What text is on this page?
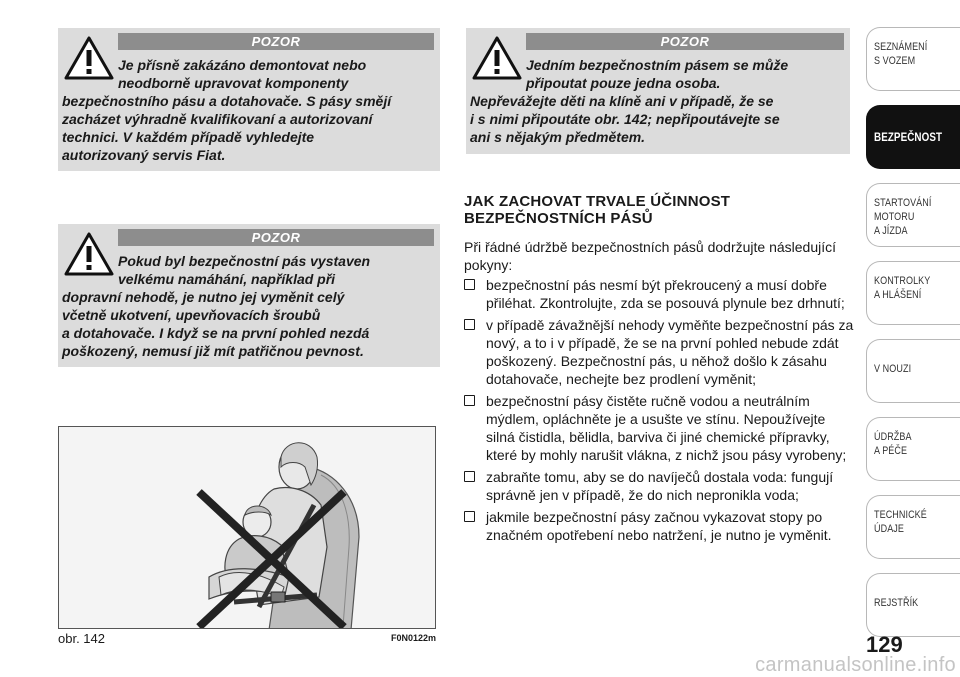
POZOR

Je přísně zakázáno demontovat nebo

neodborně upravovat komponenty

bezpečnostního pásu a dotahovače. S pásy smějí

zacházet výhradně kvalifikovaní a autorizovaní

technici. V každém případě vyhledejte

autorizovaný servis Fiat.

POZOR

Pokud byl bezpečnostní pás vystaven

velkému namáhání, například při

dopravní nehodě, je nutno jej vyměnit celý

včetně ukotvení, upevňovacích šroubů

a dotahovače. I když se na první pohled nezdá

poškozený, nemusí již mít patřičnou pevnost.

POZOR

Jedním bezpečnostním pásem se může

připoutat pouze jedna osoba.

Nepřevážejte děti na klíně ani v případě, že se

i s nimi připoutáte obr. 142; nepřipoutávejte se

ani s nějakým předmětem.

obr. 142	F0N0122m
JAK ZACHOVAT TRVALE ÚČINNOST
BEZPEČNOSTNÍCH PÁSŮ
Při řádné údržbě bezpečnostních pásů dodržujte následující pokyny:
bezpečnostní pás nesmí být překroucený a musí dobře přiléhat. Zkontrolujte, zda se posouvá plynule bez drhnutí;
v případě závažnější nehody vyměňte bezpečnostní pás za nový, a to i v případě, že se na první pohled nebude zdát poškozený. Bezpečnostní pás, u něhož došlo k zásahu dotahovače, nechejte bez prodlení vyměnit;
bezpečnostní pásy čistěte ručně vodou a neutrálním mýdlem, opláchněte je a usušte ve stínu. Nepoužívejte silná čistidla, bělidla, barviva či jiné chemické přípravky, které by mohly narušit vlákna, z nichž jsou pásy vyrobeny;
zabraňte tomu, aby se do navíječů dostala voda: fungují správně jen v případě, že do nich nepronikla voda;
jakmile bezpečnostní pásy začnou vykazovat stopy po značném opotřebení nebo natržení, je nutno je vyměnit.
SEZNÁMENÍ
S VOZEM
BEZPEČNOST
STARTOVÁNÍ
MOTORU
A JÍZDA
KONTROLKY
A HLÁŠENÍ
V NOUZI
ÚDRŽBA
A PÉČE
TECHNICKÉ
ÚDAJE
REJSTŘÍK
129
carmanualsonline.info
